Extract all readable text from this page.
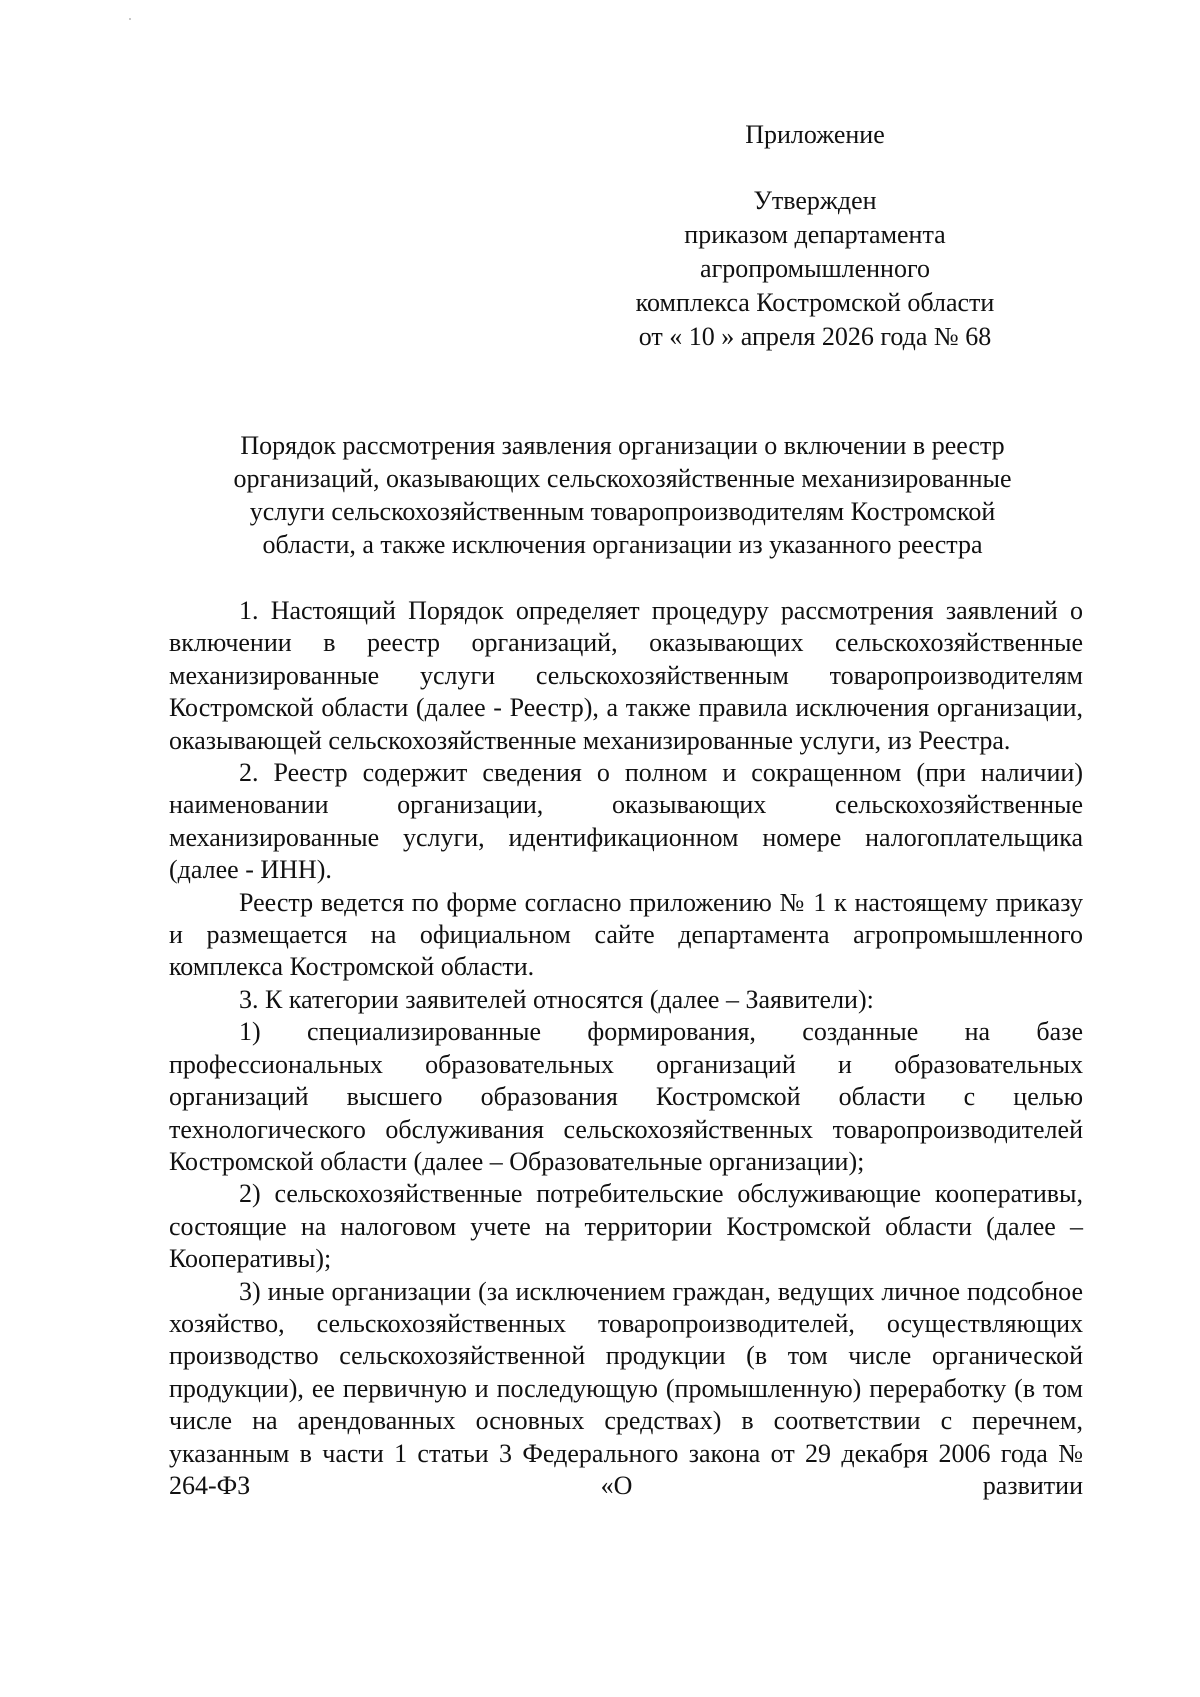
Приложение
Утвержден
приказом департамента
агропромышленного
комплекса Костромской области
от « 10 » апреля 2026 года № 68
Порядок рассмотрения заявления организации о включении в реестр
организаций, оказывающих сельскохозяйственные механизированные
услуги сельскохозяйственным товаропроизводителям Костромской
области, а также исключения организации из указанного реестра

1. Настоящий Порядок определяет процедуру рассмотрения заявлений о включении в реестр организаций, оказывающих сельскохозяйственные механизированные услуги сельскохозяйственным товаропроизводителям Костромской области (далее - Реестр), а также правила исключения организации, оказывающей сельскохозяйственные механизированные услуги, из Реестра.

2. Реестр содержит сведения о полном и сокращенном (при наличии) наименовании организации, оказывающих сельскохозяйственные механизированные услуги, идентификационном номере налогоплательщика (далее - ИНН).

Реестр ведется по форме согласно приложению № 1 к настоящему приказу и размещается на официальном сайте департамента агропромышленного комплекса Костромской области.

3. К категории заявителей относятся (далее – Заявители):

1) специализированные формирования, созданные на базе профессиональных образовательных организаций и образовательных организаций высшего образования Костромской области с целью технологического обслуживания сельскохозяйственных товаропроизводителей Костромской области (далее – Образовательные организации);

2) сельскохозяйственные потребительские обслуживающие кооперативы, состоящие на налоговом учете на территории Костромской области (далее – Кооперативы);

3) иные организации (за исключением граждан, ведущих личное подсобное хозяйство, сельскохозяйственных товаропроизводителей, осуществляющих производство сельскохозяйственной продукции (в том числе органической продукции), ее первичную и последующую (промышленную) переработку (в том числе на арендованных основных средствах) в соответствии с перечнем, указанным в части 1 статьи 3 Федерального закона от 29 декабря 2006 года № 264-ФЗ «О развитии
